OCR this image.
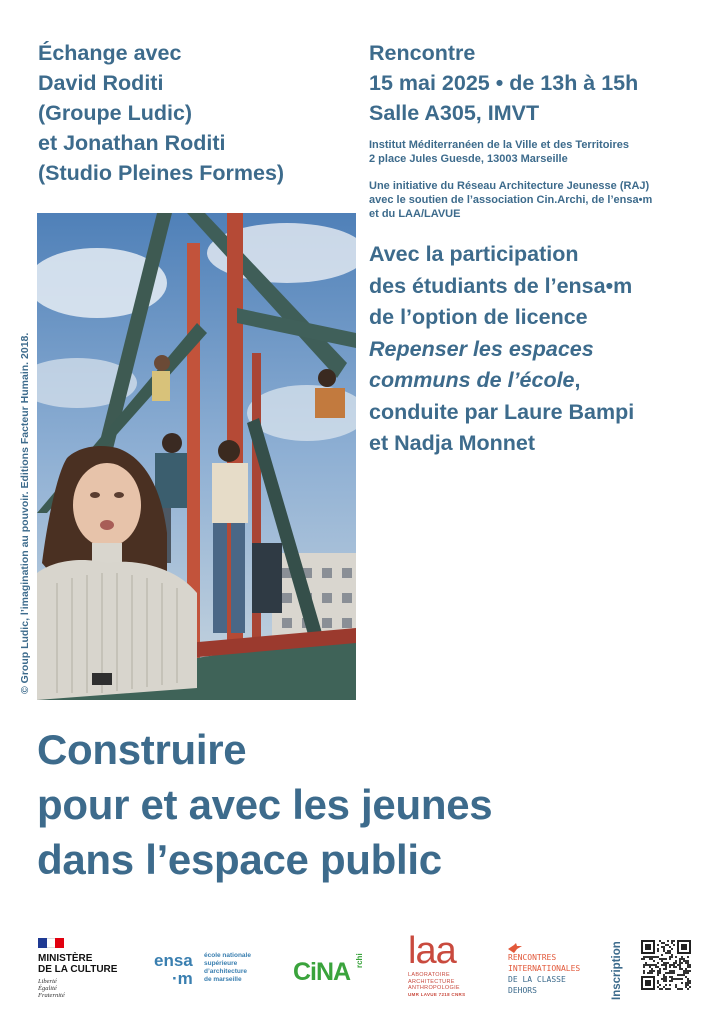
Échange avec
David Roditi
(Groupe Ludic)
et Jonathan Roditi
(Studio Pleines Formes)
Rencontre
15 mai 2025 • de 13h à 15h
Salle A305, IMVT
Institut Méditerranéen de la Ville et des Territoires
2 place Jules Guesde, 13003 Marseille
Une initiative du Réseau Architecture Jeunesse (RAJ)
avec le soutien de l’association Cin.Archi, de l’ensa•m
et du LAA/LAVUE
Avec la participation
des étudiants de l’ensa•m
de l’option de licence
Repenser les espaces
communs de l’école,
conduite par Laure Bampi
et Nadja Monnet
© Group Ludic, l’imagination au pouvoir. Editions Facteur Humain. 2018.
Construire
pour et avec les jeunes
dans l’espace public
MINISTÈRE
DE LA CULTURE
Liberté
Égalité
Fraternité
ensa
·m
école nationale
supérieure
d’architecture
de marseille	CiNA rchi laa
LABORATOIRE
ARCHITECTURE
ANTHROPOLOGIE
UMR LAVUE 7218 CNRS
RENCONTRES
INTERNATIONALES
DE LA CLASSE
DEHORS	Inscription
